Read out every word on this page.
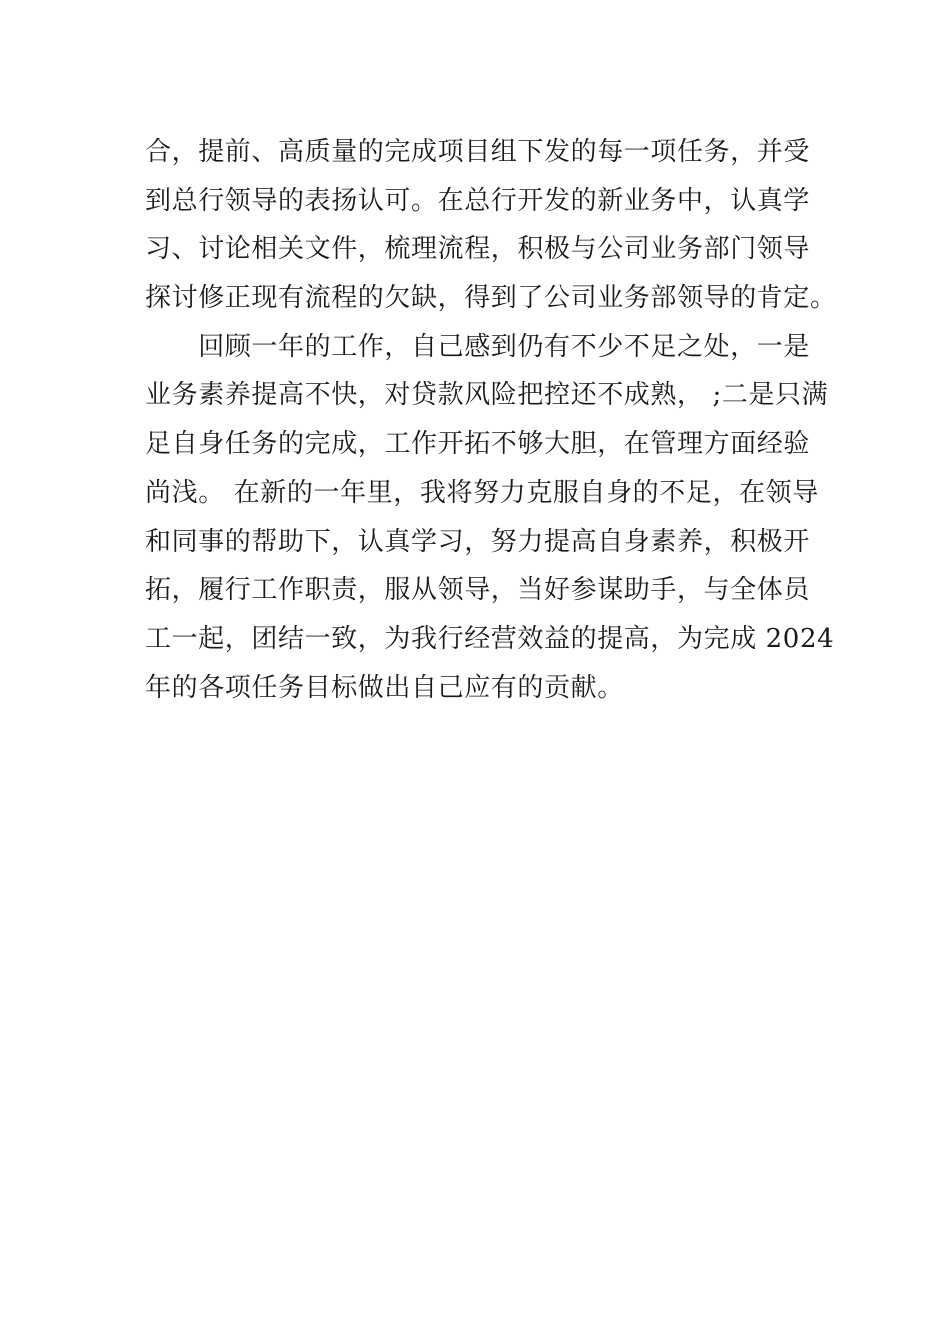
合，提前、高质量的完成项目组下发的每一项任务，并受
到总行领导的表扬认可。在总行开发的新业务中，认真学
习、讨论相关文件，梳理流程，积极与公司业务部门领导
探讨修正现有流程的欠缺，得到了公司业务部领导的肯定。
　　回顾一年的工作，自己感到仍有不少不足之处，一是
业务素养提高不快，对贷款风险把控还不成熟， ;二是只满
足自身任务的完成，工作开拓不够大胆，在管理方面经验
尚浅。 在新的一年里，我将努力克服自身的不足，在领导
和同事的帮助下，认真学习，努力提高自身素养，积极开
拓，履行工作职责，服从领导，当好参谋助手，与全体员
工一起，团结一致，为我行经营效益的提高，为完成 2024
年的各项任务目标做出自己应有的贡献。
